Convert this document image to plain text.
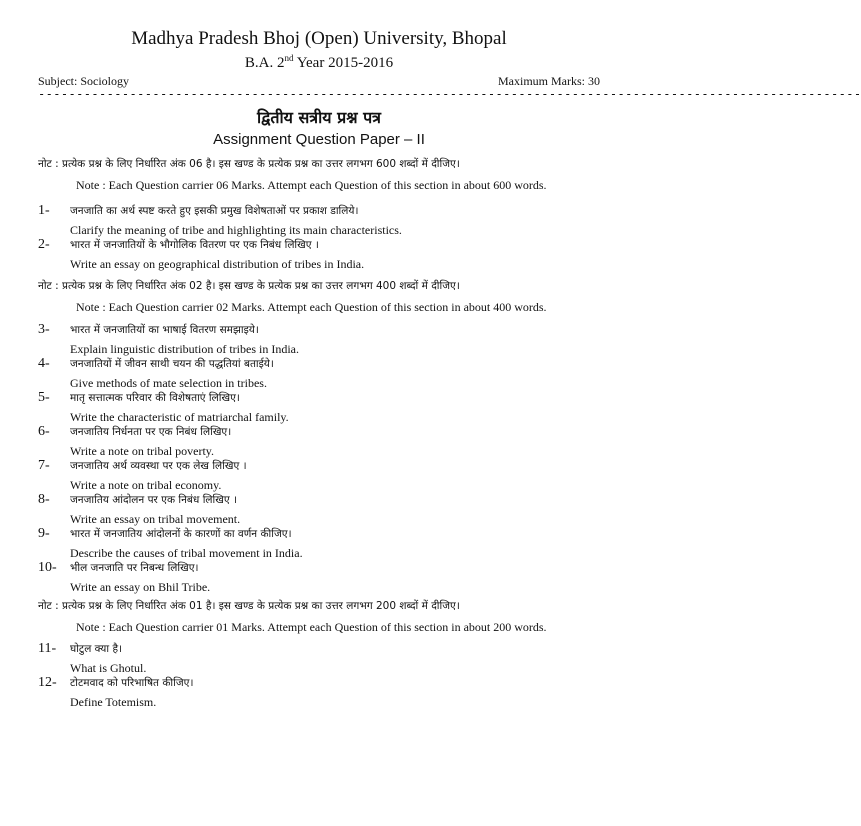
Madhya Pradesh Bhoj (Open) University, Bhopal
B.A. 2nd Year 2015-2016
Subject: Sociology	Maximum Marks: 30
------------------------------------------------------------------------------------------------------------
द्वितीय सत्रीय प्रश्न पत्र
Assignment Question Paper – II
नोट : प्रत्येक प्रश्न के लिए निर्धारित अंक 06 है। इस खण्ड के प्रत्येक प्रश्न का उत्तर लगभग 600 शब्दों में दीजिए।
Note : Each Question carrier 06 Marks. Attempt each Question of this section in about 600 words.
1- जनजाति का अर्थ स्पष्ट करते हुए इसकी प्रमुख विशेषताओं पर प्रकाश डालिये।
Clarify the meaning of tribe and highlighting its main characteristics.
2- भारत में जनजातियों के भौगोलिक वितरण पर एक निबंध लिखिए ।
Write an essay on geographical distribution of tribes in India.
नोट : प्रत्येक प्रश्न के लिए निर्धारित अंक 02 है। इस खण्ड के प्रत्येक प्रश्न का उत्तर लगभग 400 शब्दों में दीजिए।
Note : Each Question carrier 02 Marks. Attempt each Question of this section in about 400 words.
3- भारत में जनजातियों का भाषाई वितरण समझाइये।
Explain linguistic distribution of tribes in India.
4- जनजातियों में जीवन साथी चयन की पद्धतियां बताईये।
Give methods of mate selection in tribes.
5- मातृ सत्तात्मक परिवार की विशेषताएं लिखिए।
Write the characteristic of matriarchal family.
6- जनजातिय निर्धनता पर एक निबंध लिखिए।
Write a note on tribal poverty.
7- जनजातिय अर्थ व्यवस्था पर एक लेख लिखिए ।
Write a note on tribal economy.
8- जनजातिय आंदोलन पर एक निबंध लिखिए ।
Write an essay on tribal movement.
9- भारत में जनजातिय आंदोलनों के कारणों का वर्णन कीजिए।
Describe the causes of tribal movement in India.
10- भील जनजाति पर निबन्ध लिखिए।
Write an essay on Bhil Tribe.
नोट : प्रत्येक प्रश्न के लिए निर्धारित अंक 01 है। इस खण्ड के प्रत्येक प्रश्न का उत्तर लगभग 200 शब्दों में दीजिए।
Note : Each Question carrier 01 Marks. Attempt each Question of this section in about 200 words.
11- घोटुल क्या है।
What is Ghotul.
12- टोटमवाद को परिभाषित कीजिए।
Define Totemism.
